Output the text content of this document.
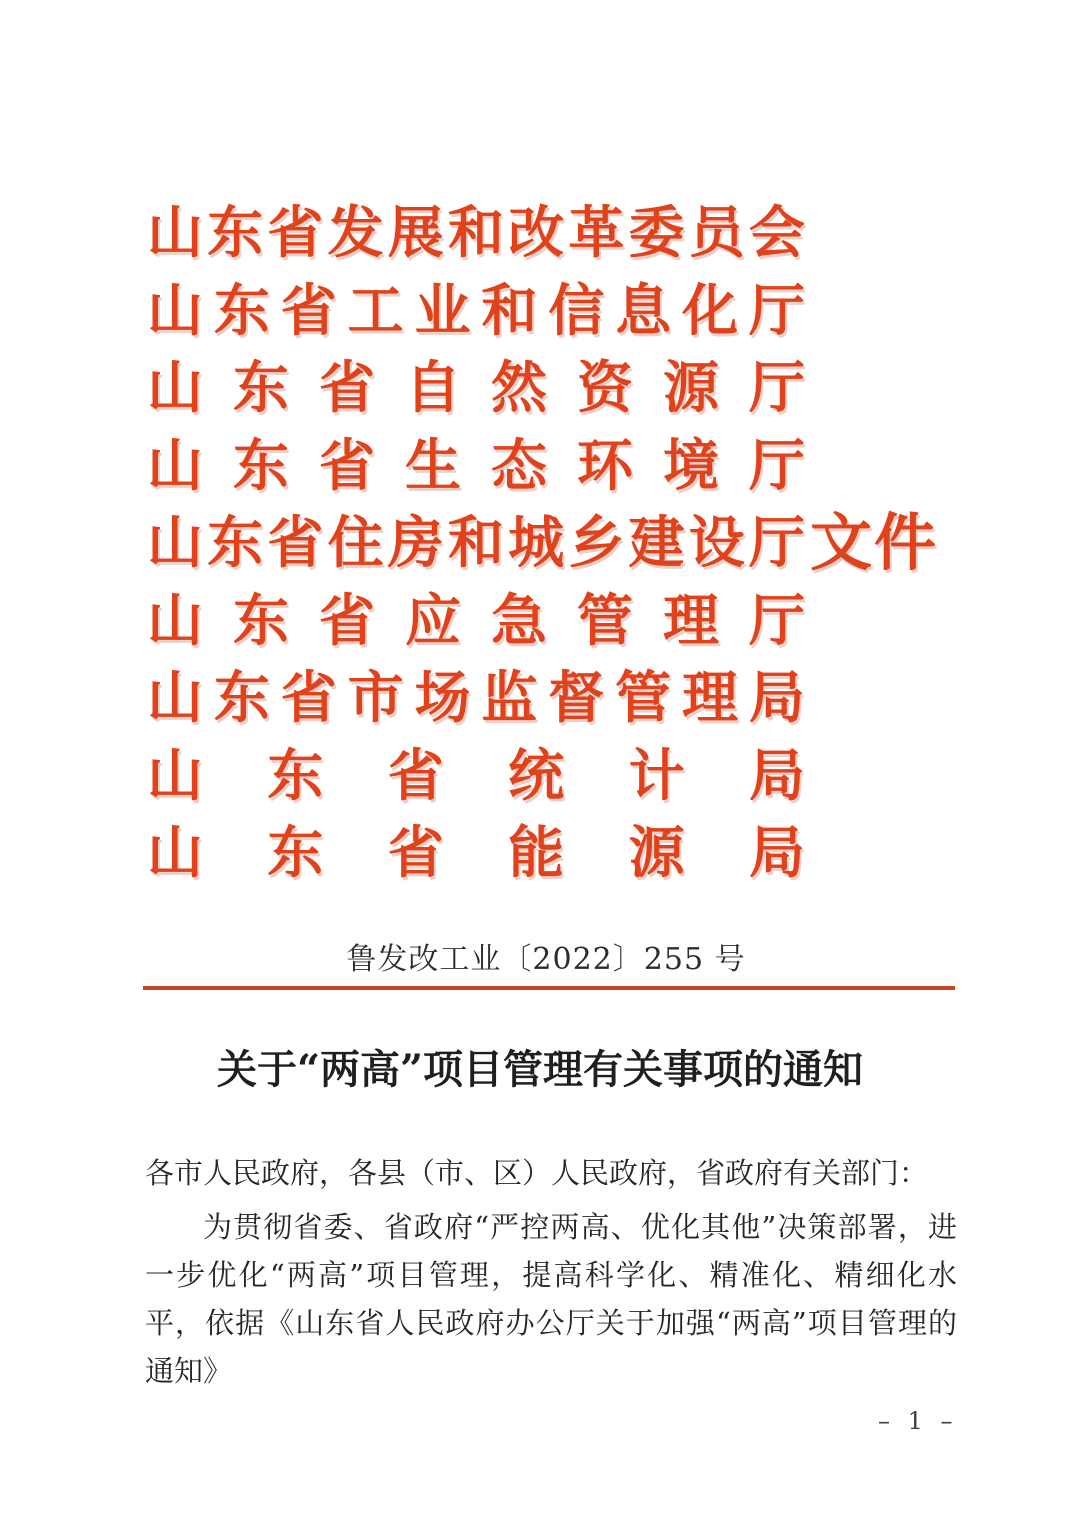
山 东 省 发 展 和 改 革 委 员 会
山 东 省 工 业 和 信 息 化 厅
山 东 省 自 然 资 源 厅
山 东 省 生 态 环 境 厅
山 东 省 住 房 和 城 乡 建 设 厅
山 东 省 应 急 管 理 厅
山 东 省 市 场 监 督 管 理 局
山 东 省 统 计 局
山 东 省 能 源 局
文件
鲁发改工业〔2022〕255 号
关于“两高”项目管理有关事项的通知

各市人民政府，各县（市、区）人民政府，省政府有关部门：

为贯彻省委、省政府“严控两高、优化其他”决策部署，进一步优化“两高”项目管理，提高科学化、精准化、精细化水平，依据《山东省人民政府办公厅关于加强“两高”项目管理的通知》

– 1 –
